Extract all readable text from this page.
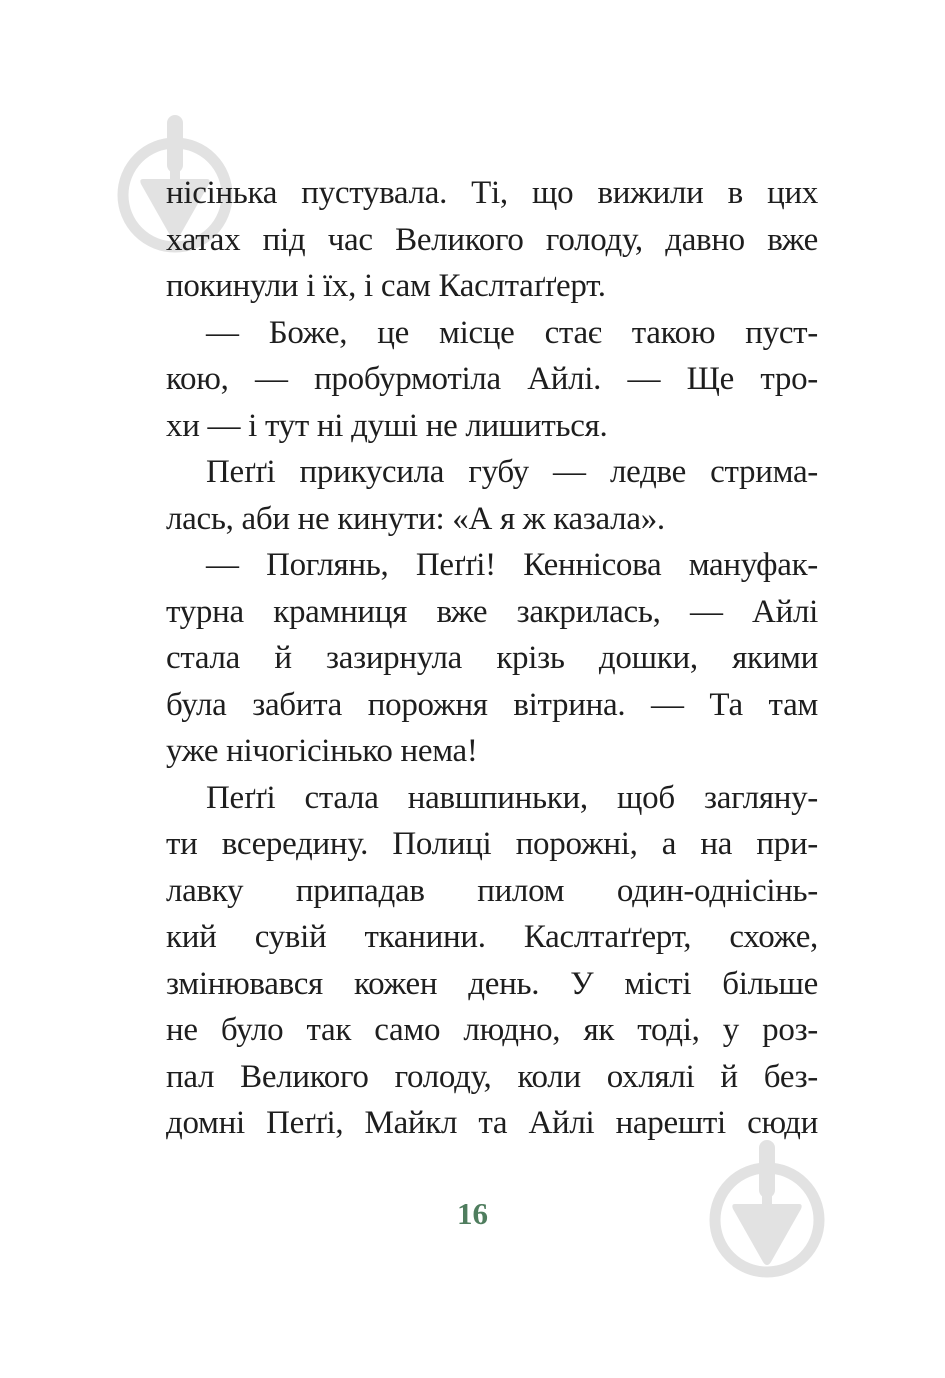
нісінька пустувала. Ті, що вижили в цих
хатах під час Великого голоду, давно вже
покинули і їх, і сам Каслтаґґерт.
— Боже, це місце стає такою пуст-
кою, — пробурмотіла Айлі. — Ще тро-
хи — і тут ні душі не лишиться.
Пеґґі прикусила губу — ледве стрима-
лась, аби не кинути: «А я ж казала».
— Поглянь, Пеґґі! Кеннісова мануфак-
турна крамниця вже закрилась, — Айлі
стала й зазирнула крізь дошки, якими
була забита порожня вітрина. — Та там
уже нічогісінько нема!
Пеґґі стала навшпиньки, щоб загляну-
ти всередину. Полиці порожні, а на при-
лавку припадав пилом один-однісінь-
кий сувій тканини. Каслтаґґерт, схоже,
змінювався кожен день. У місті більше
не було так само людно, як тоді, у роз-
пал Великого голоду, коли охлялі й без-
домні Пеґґі, Майкл та Айлі нарешті сюди
16
